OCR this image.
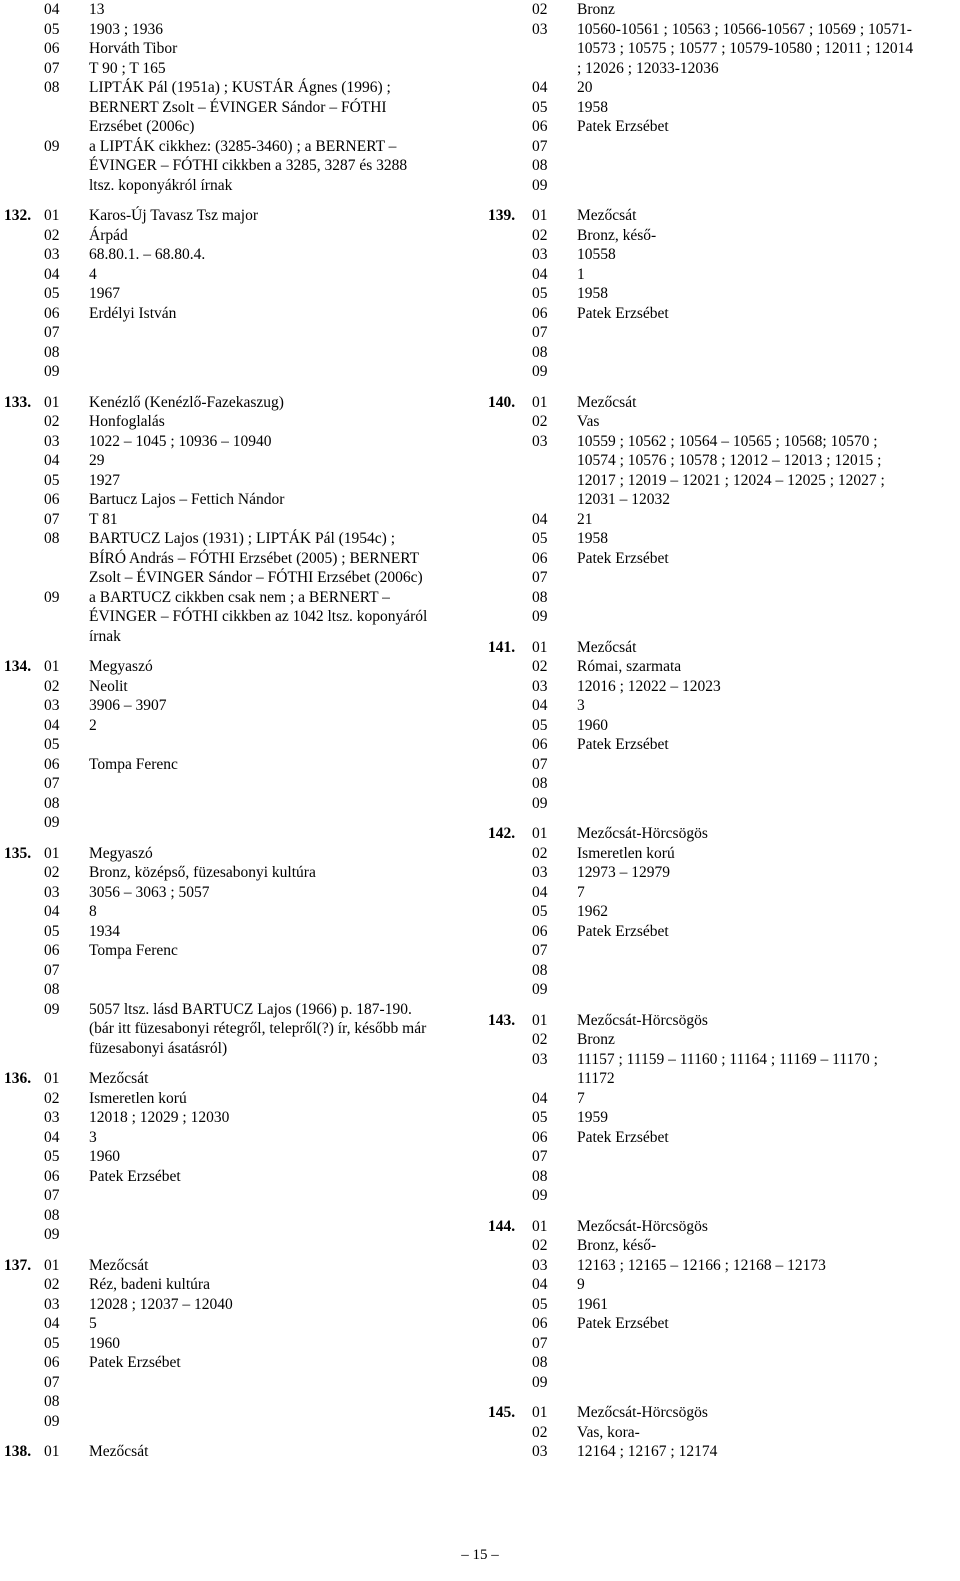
04	13
05	1903 ; 1936
06	Horváth Tibor
07	T 90 ; T 165
08	LIPTÁK Pál (1951a) ; KUSTÁR Ágnes (1996) ;
BERNERT Zsolt – ÉVINGER Sándor – FÓTHI
Erzsébet (2006c)
09	a LIPTÁK cikkhez: (3285-3460) ; a BERNERT –
ÉVINGER – FÓTHI cikkben a 3285, 3287 és 3288
ltsz. koponyákról írnak
132. 01	Karos-Új Tavasz Tsz major
02	Árpád
03	68.80.1. – 68.80.4.
04	4
05	1967
06	Erdélyi István
07
08
09
133. 01	Kenézlő (Kenézlő-Fazekaszug)
02	Honfoglalás
03	1022 – 1045 ; 10936 – 10940
04	29
05	1927
06	Bartucz Lajos – Fettich Nándor
07	T 81
08	BARTUCZ Lajos (1931) ; LIPTÁK Pál (1954c) ;
BÍRÓ András – FÓTHI Erzsébet (2005) ; BERNERT
Zsolt – ÉVINGER Sándor – FÓTHI Erzsébet (2006c)
09	a BARTUCZ cikkben csak nem ; a BERNERT –
ÉVINGER – FÓTHI cikkben az 1042 ltsz. koponyáról
írnak
134. 01	Megyaszó
02	Neolit
03	3906 – 3907
04	2
05
06	Tompa Ferenc
07
08
09
135. 01	Megyaszó
02	Bronz, középső, füzesabonyi kultúra
03	3056 – 3063 ; 5057
04	8
05	1934
06	Tompa Ferenc
07
08
09	5057 ltsz. lásd BARTUCZ Lajos (1966) p. 187-190.
(bár itt füzesabonyi rétegről, telepről(?) ír, később már
füzesabonyi ásatásról)
136. 01	Mezőcsát
02	Ismeretlen korú
03	12018 ; 12029 ; 12030
04	3
05	1960
06	Patek Erzsébet
07
08
09
137. 01	Mezőcsát
02	Réz, badeni kultúra
03	12028 ; 12037 – 12040
04	5
05	1960
06	Patek Erzsébet
07
08
09
138. 01	Mezőcsát
02	Bronz
03	10560-10561 ; 10563 ; 10566-10567 ; 10569 ; 10571-
10573 ; 10575 ; 10577 ; 10579-10580 ; 12011 ; 12014
; 12026 ; 12033-12036
04	20
05	1958
06	Patek Erzsébet
07
08
09
139.	01	Mezőcsát
02	Bronz, késő-
03	10558
04	1
05	1958
06	Patek Erzsébet
07
08
09
140.	01	Mezőcsát
02	Vas
03	10559 ; 10562 ; 10564 – 10565 ; 10568; 10570 ;
10574 ; 10576 ; 10578 ; 12012 – 12013 ; 12015 ;
12017 ; 12019 – 12021 ; 12024 – 12025 ; 12027 ;
12031 – 12032
04	21
05	1958
06	Patek Erzsébet
07
08
09
141.	01	Mezőcsát
02	Római, szarmata
03	12016 ; 12022 – 12023
04	3
05	1960
06	Patek Erzsébet
07
08
09
142.	01	Mezőcsát-Hörcsögös
02	Ismeretlen korú
03	12973 – 12979
04	7
05	1962
06	Patek Erzsébet
07
08
09
143.	01	Mezőcsát-Hörcsögös
02	Bronz
03	11157 ; 11159 – 11160 ; 11164 ; 11169 – 11170 ;
11172
04	7
05	1959
06	Patek Erzsébet
07
08
09
144.	01	Mezőcsát-Hörcsögös
02	Bronz, késő-
03	12163 ; 12165 – 12166 ; 12168 – 12173
04	9
05	1961
06	Patek Erzsébet
07
08
09
145.	01	Mezőcsát-Hörcsögös
02	Vas, kora-
03	12164 ; 12167 ; 12174
– 15 –
